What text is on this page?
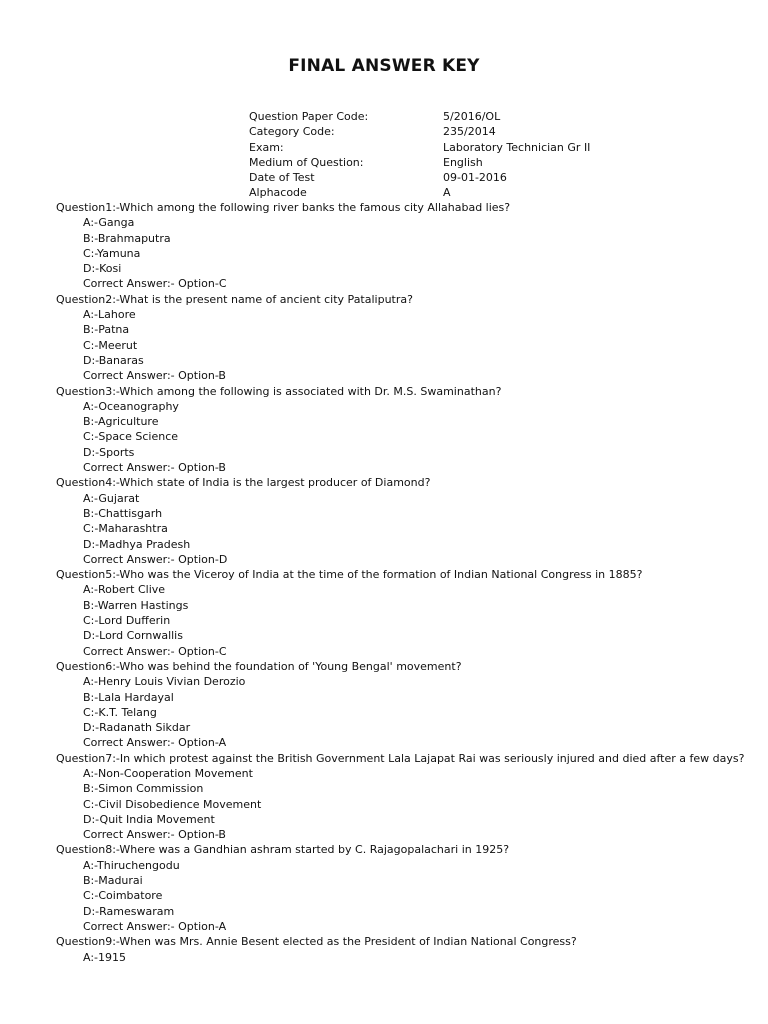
FINAL ANSWER KEY
Question Paper Code:	5/2016/OL
Category Code:	235/2014
Exam:	Laboratory Technician Gr II
Medium of Question:	English
Date of Test	09-01-2016
Alphacode	A
Question1:-Which among the following river banks the famous city Allahabad lies?
A:-Ganga
B:-Brahmaputra
C:-Yamuna
D:-Kosi
Correct Answer:- Option-C
Question2:-What is the present name of ancient city Pataliputra?
A:-Lahore
B:-Patna
C:-Meerut
D:-Banaras
Correct Answer:- Option-B
Question3:-Which among the following is associated with Dr. M.S. Swaminathan?
A:-Oceanography
B:-Agriculture
C:-Space Science
D:-Sports
Correct Answer:- Option-B
Question4:-Which state of India is the largest producer of Diamond?
A:-Gujarat
B:-Chattisgarh
C:-Maharashtra
D:-Madhya Pradesh
Correct Answer:- Option-D
Question5:-Who was the Viceroy of India at the time of the formation of Indian National Congress in 1885?
A:-Robert Clive
B:-Warren Hastings
C:-Lord Dufferin
D:-Lord Cornwallis
Correct Answer:- Option-C
Question6:-Who was behind the foundation of 'Young Bengal' movement?
A:-Henry Louis Vivian Derozio
B:-Lala Hardayal
C:-K.T. Telang
D:-Radanath Sikdar
Correct Answer:- Option-A
Question7:-In which protest against the British Government Lala Lajapat Rai was seriously injured and died after a few days?
A:-Non-Cooperation Movement
B:-Simon Commission
C:-Civil Disobedience Movement
D:-Quit India Movement
Correct Answer:- Option-B
Question8:-Where was a Gandhian ashram started by C. Rajagopalachari in 1925?
A:-Thiruchengodu
B:-Madurai
C:-Coimbatore
D:-Rameswaram
Correct Answer:- Option-A
Question9:-When was Mrs. Annie Besent elected as the President of Indian National Congress?
A:-1915
